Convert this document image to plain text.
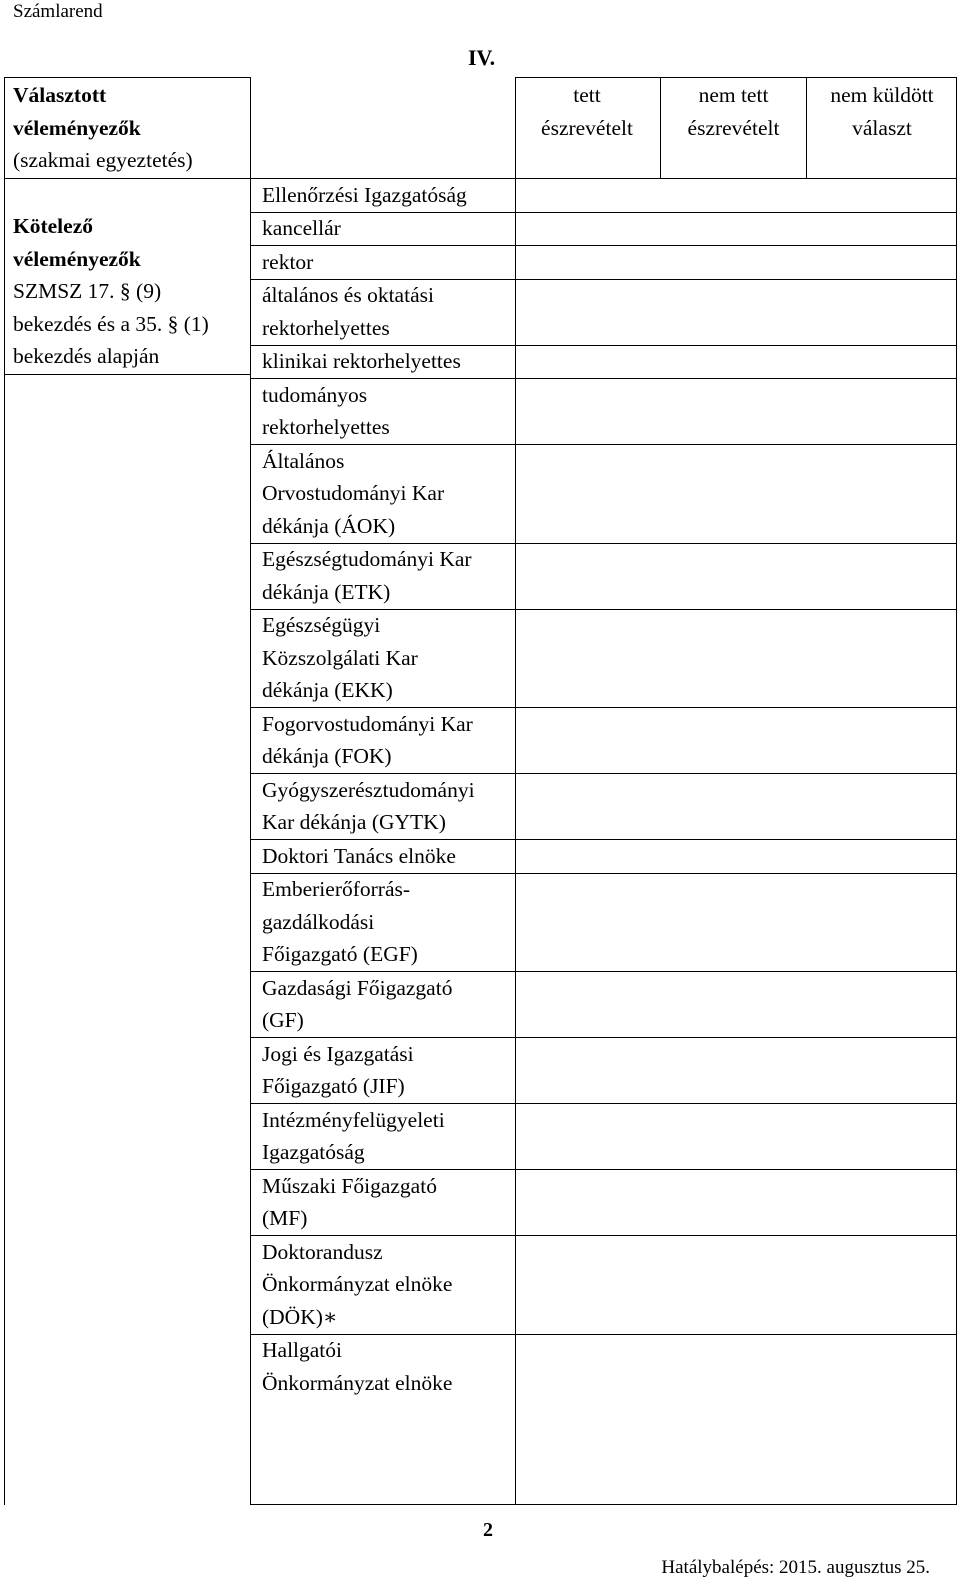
Számlarend
IV.
Választott
véleményezők
(szakmai egyeztetés)
tett
észrevételt
nem tett
észrevételt
nem küldött
választ
Kötelező
véleményezők
SZMSZ 17. § (9)
bekezdés és a 35. § (1)
bekezdés alapján
Ellenőrzési Igazgatóság
kancellár
rektor
általános és oktatási
rektorhelyettes
klinikai rektorhelyettes
tudományos
rektorhelyettes
Általános
Orvostudományi Kar
dékánja (ÁOK)
Egészségtudományi Kar
dékánja (ETK)
Egészségügyi
Közszolgálati Kar
dékánja (EKK)
Fogorvostudományi Kar
dékánja (FOK)
Gyógyszerésztudományi
Kar dékánja (GYTK)
Doktori Tanács elnöke
Emberierőforrás-
gazdálkodási
Főigazgató (EGF)
Gazdasági Főigazgató
(GF)
Jogi és Igazgatási
Főigazgató (JIF)
Intézményfelügyeleti
Igazgatóság
Műszaki Főigazgató
(MF)
Doktorandusz
Önkormányzat elnöke
(DÖK)∗
Hallgatói
Önkormányzat elnöke
2
Hatálybalépés: 2015. augusztus 25.
